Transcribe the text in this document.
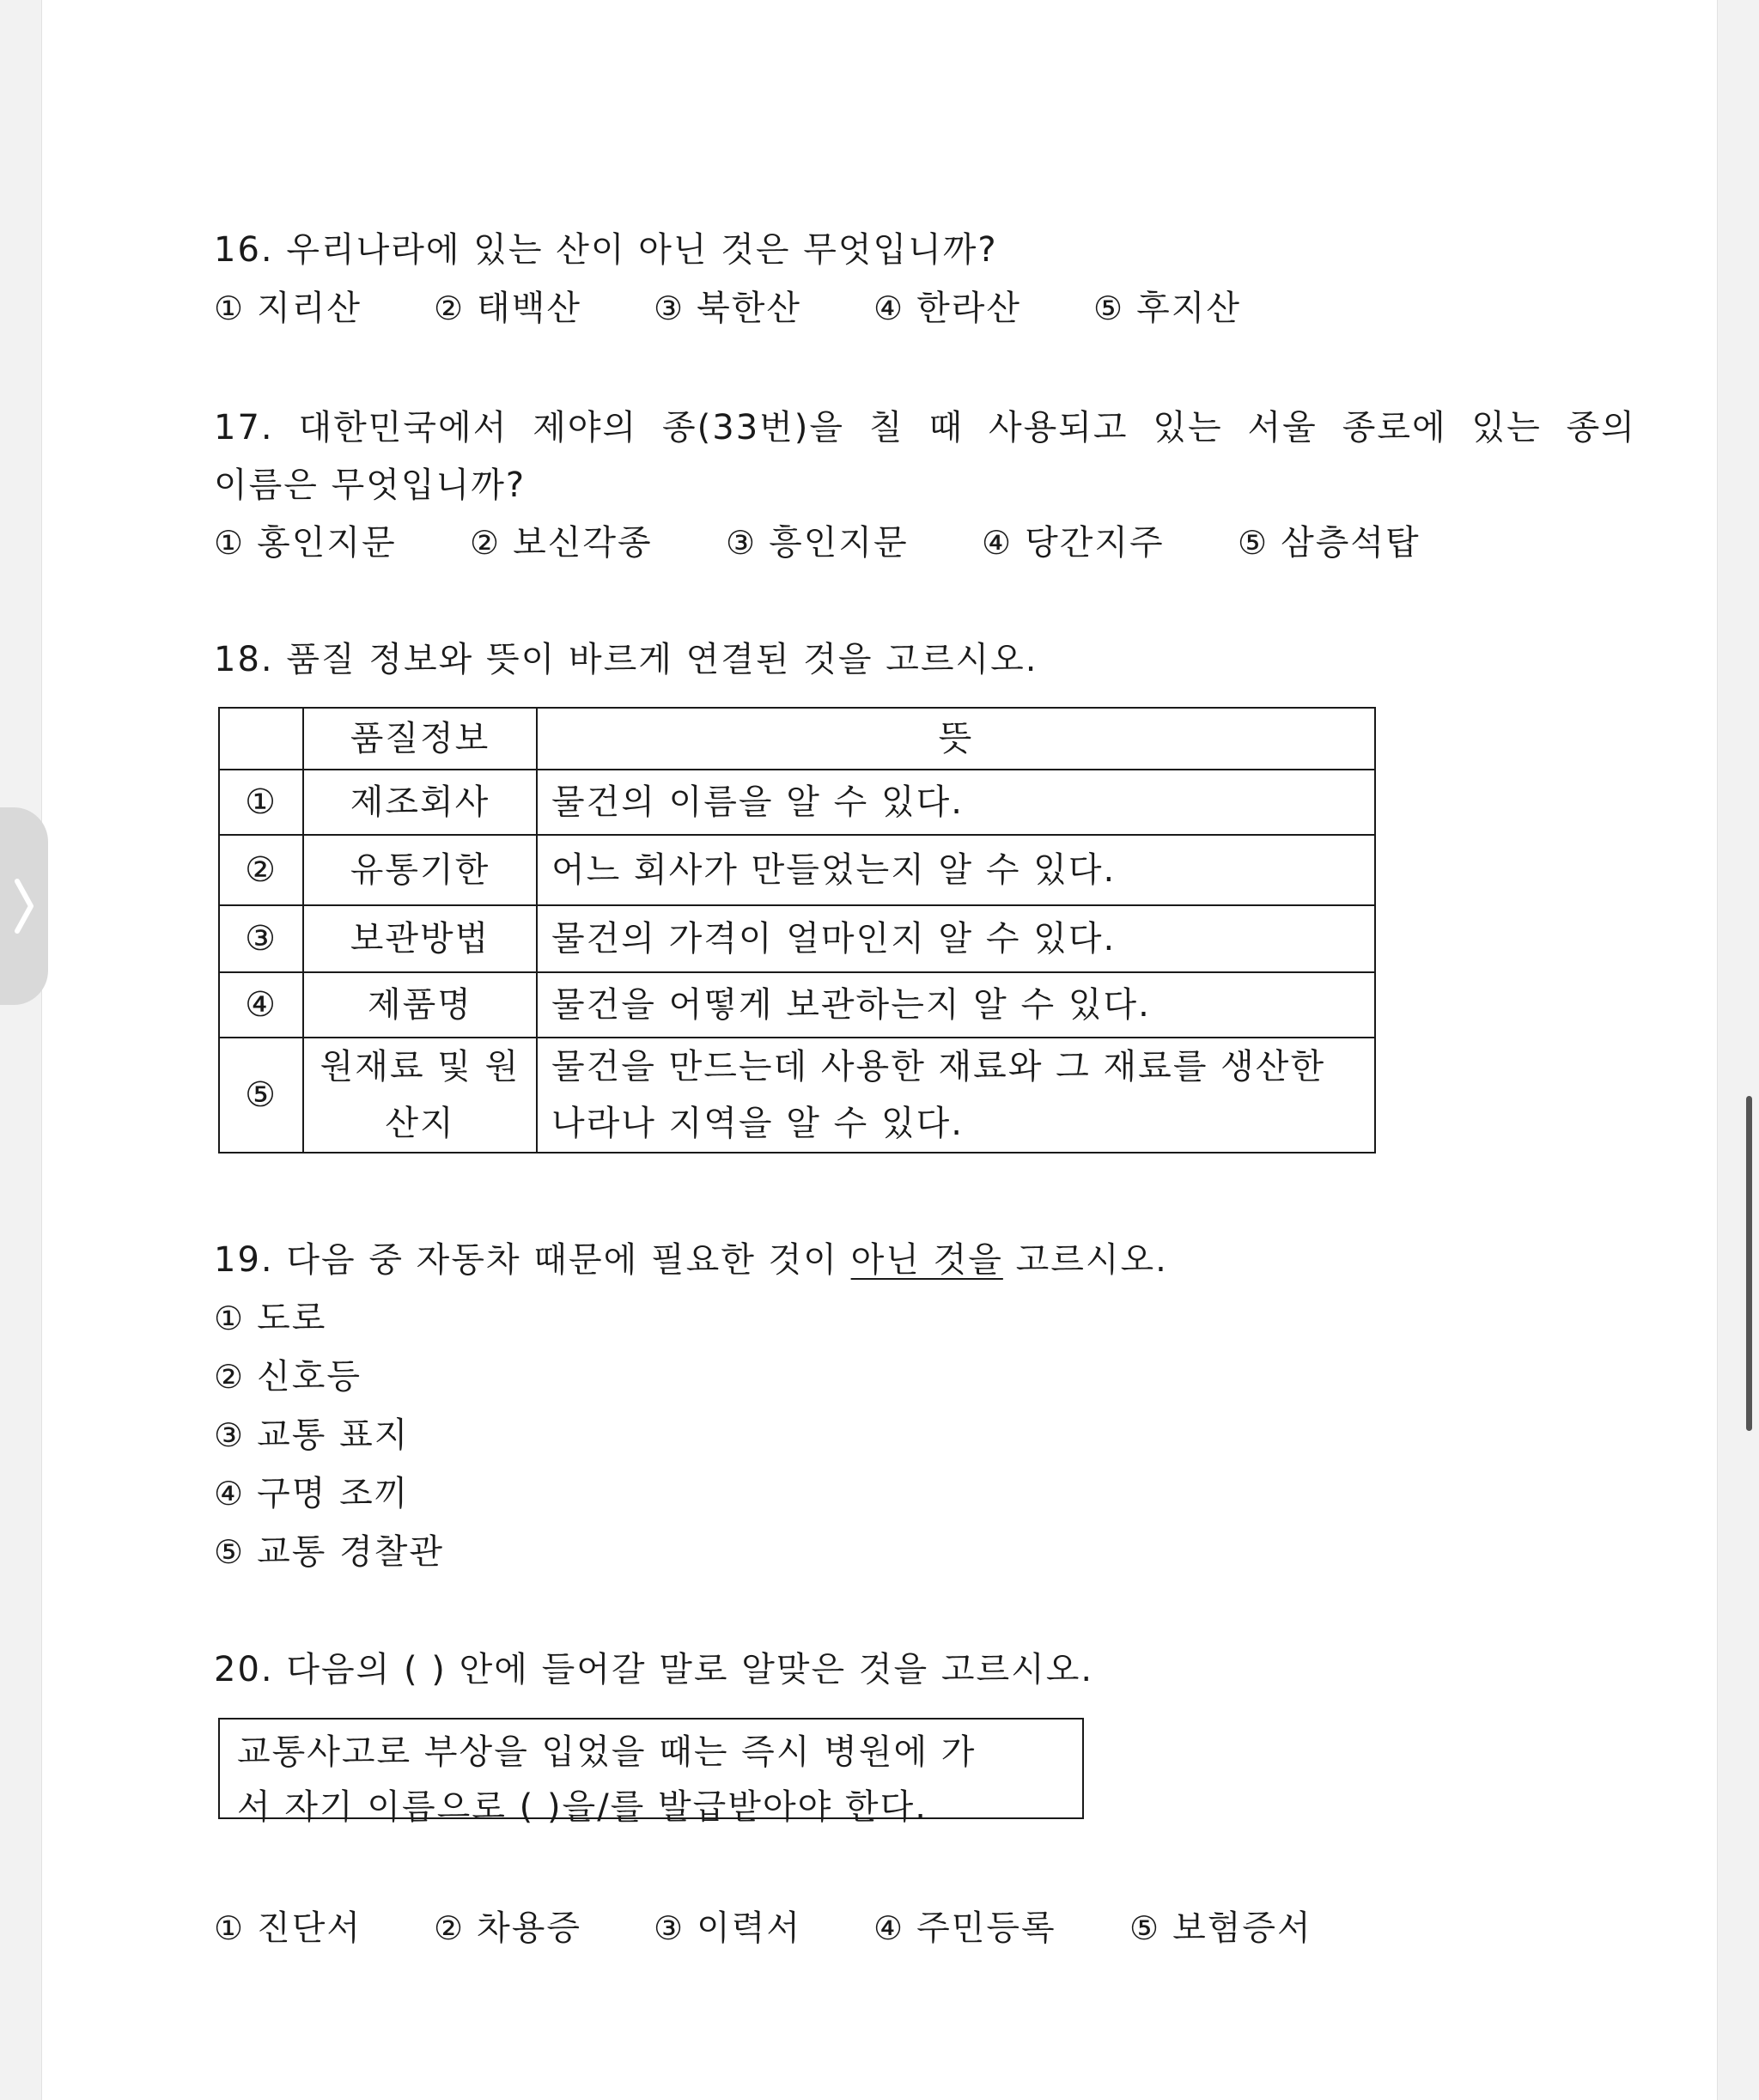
16. 우리나라에 있는 산이 아닌 것은 무엇입니까?
① 지리산	② 태백산	③ 북한산	④ 한라산	⑤ 후지산
17. 대한민국에서 제야의 종(33번)을 칠 때 사용되고 있는 서울 종로에 있는 종의
이름은 무엇입니까?
① 홍인지문	② 보신각종	③ 흥인지문	④ 당간지주	⑤ 삼층석탑
18. 품질 정보와 뜻이 바르게 연결된 것을 고르시오.
	품질정보	뜻
①	제조회사	물건의 이름을 알 수 있다.
②	유통기한	어느 회사가 만들었는지 알 수 있다.
③	보관방법	물건의 가격이 얼마인지 알 수 있다.
④	제품명	물건을 어떻게 보관하는지 알 수 있다.
⑤	원재료 및 원산지	물건을 만드는데 사용한 재료와 그 재료를 생산한 나라나 지역을 알 수 있다.
19. 다음 중 자동차 때문에 필요한 것이 아닌 것을 고르시오.
① 도로
② 신호등
③ 교통 표지
④ 구명 조끼
⑤ 교통 경찰관
20. 다음의 ( ) 안에 들어갈 말로 알맞은 것을 고르시오.
교통사고로 부상을 입었을 때는 즉시 병원에 가
서 자기 이름으로 ( )을/를 발급받아야 한다.
① 진단서	② 차용증	③ 이력서	④ 주민등록	⑤ 보험증서
